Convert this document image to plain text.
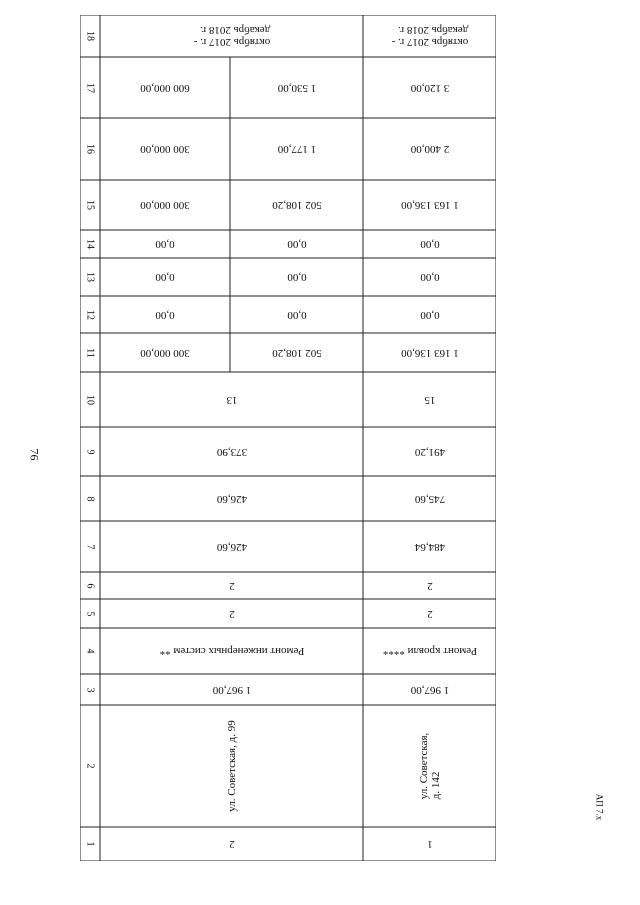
76
АП 7.х
1
2
3
4
5
6
7
8
9
10
11
12
13
14
15
16
17
18
2
1 967,00
Ремонт инженерных систем **
2
2
426,60
426,60
373,90
13
ул. Советская, д. 99
октябрь 2017 г. -
декабрь 2018 г.
300 000,00
0,00
0,00
0,00
300 000,00
300 000,00
600 000,00
502 108,20
0,00
0,00
0,00
502 108,20
1 177,00
1 530,00
1
1 967,00
Ремонт кровли ****
2
2
484,64
745,60
491,20
15
1 163 136,00
0,00
0,00
0,00
1 163 136,00
2 400,00
3 120,00
ул. Советская,
д. 142
октябрь 2017 г. -
декабрь 2018 г.
